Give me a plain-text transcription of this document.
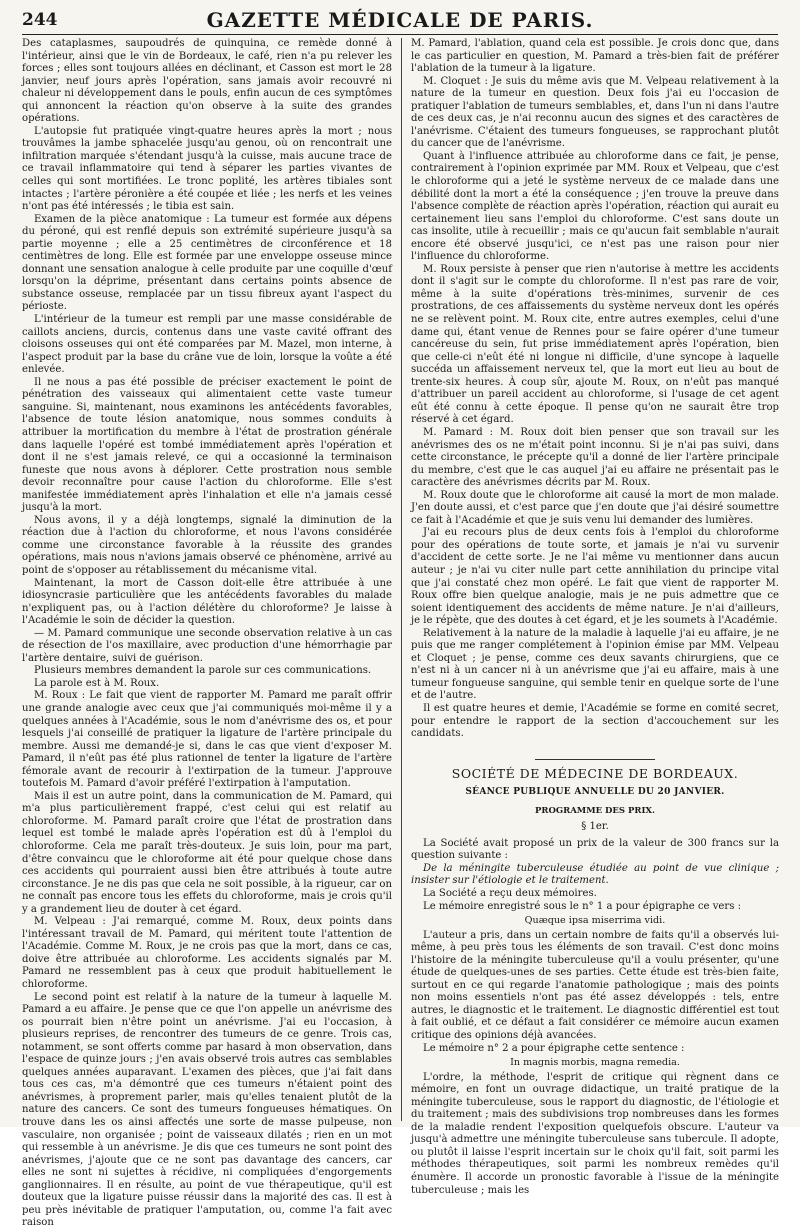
244	GAZETTE MÉDICALE DE PARIS.

Des cataplasmes, saupoudrés de quinquina, ce remède donné à l'intérieur, ainsi que le vin de Bordeaux, le café, rien n'a pu relever les forces ; elles sont toujours allées en déclinant, et Casson est mort le 28 janvier, neuf jours après l'opération, sans jamais avoir recouvré ni chaleur ni développement dans le pouls, enfin aucun de ces symptômes qui annoncent la réaction qu'on observe à la suite des grandes opérations.

L'autopsie fut pratiquée vingt-quatre heures après la mort ; nous trouvâmes la jambe sphacelée jusqu'au genou, où on rencontrait une infiltration marquée s'étendant jusqu'à la cuisse, mais aucune trace de ce travail inflammatoire qui tend à séparer les parties vivantes de celles qui sont mortifiées. Le tronc poplité, les artères tibiales sont intactes ; l'artère péronière a été coupée et liée ; les nerfs et les veines n'ont pas été intéressés ; le tibia est sain.

Examen de la pièce anatomique : La tumeur est formée aux dépens du péroné, qui est renflé depuis son extrémité supérieure jusqu'à sa partie moyenne ; elle a 25 centimètres de circonférence et 18 centimètres de long. Elle est formée par une enveloppe osseuse mince donnant une sensation analogue à celle produite par une coquille d'œuf lorsqu'on la déprime, présentant dans certains points absence de substance osseuse, remplacée par un tissu fibreux ayant l'aspect du périoste.

L'intérieur de la tumeur est rempli par une masse considérable de caillots anciens, durcis, contenus dans une vaste cavité offrant des cloisons osseuses qui ont été comparées par M. Mazel, mon interne, à l'aspect produit par la base du crâne vue de loin, lorsque la voûte a été enlevée.

Il ne nous a pas été possible de préciser exactement le point de pénétration des vaisseaux qui alimentaient cette vaste tumeur sanguine. Si, maintenant, nous examinons les antécédents favorables, l'absence de toute lésion anatomique, nous sommes conduits à attribuer la mortification du membre à l'état de prostration générale dans laquelle l'opéré est tombé immédiatement après l'opération et dont il ne s'est jamais relevé, ce qui a occasionné la terminaison funeste que nous avons à déplorer. Cette prostration nous semble devoir reconnaître pour cause l'action du chloroforme. Elle s'est manifestée immédiatement après l'inhalation et elle n'a jamais cessé jusqu'à la mort.

Nous avons, il y a déjà longtemps, signalé la diminution de la réaction due à l'action du chloroforme, et nous l'avons considérée comme une circonstance favorable à la réussite des grandes opérations, mais nous n'avions jamais observé ce phénomène, arrivé au point de s'opposer au rétablissement du mécanisme vital.

Maintenant, la mort de Casson doit-elle être attribuée à une idiosyncrasie particulière que les antécédents favorables du malade n'expliquent pas, ou à l'action délétère du chloroforme? Je laisse à l'Académie le soin de décider la question.

— M. Pamard communique une seconde observation relative à un cas de résection de l'os maxillaire, avec production d'une hémorrhagie par l'artère dentaire, suivi de guérison.

Plusieurs membres demandent la parole sur ces communications.

La parole est à M. Roux.

M. Roux : Le fait que vient de rapporter M. Pamard me paraît offrir une grande analogie avec ceux que j'ai communiqués moi-même il y a quelques années à l'Académie, sous le nom d'anévrisme des os, et pour lesquels j'ai conseillé de pratiquer la ligature de l'artère principale du membre. Aussi me demandé-je si, dans le cas que vient d'exposer M. Pamard, il n'eût pas été plus rationnel de tenter la ligature de l'artère fémorale avant de recourir à l'extirpation de la tumeur. J'approuve toutefois M. Pamard d'avoir préféré l'extirpation à l'amputation.

Mais il est un autre point, dans la communication de M. Pamard, qui m'a plus particulièrement frappé, c'est celui qui est relatif au chloroforme. M. Pamard paraît croire que l'état de prostration dans lequel est tombé le malade après l'opération est dû à l'emploi du chloroforme. Cela me paraît très-douteux. Je suis loin, pour ma part, d'être convaincu que le chloroforme ait été pour quelque chose dans ces accidents qui pourraient aussi bien être attribués à toute autre circonstance. Je ne dis pas que cela ne soit possible, à la rigueur, car on ne connaît pas encore tous les effets du chloroforme, mais je crois qu'il y a grandement lieu de douter à cet égard.

M. Velpeau : J'ai remarqué, comme M. Roux, deux points dans l'intéressant travail de M. Pamard, qui méritent toute l'attention de l'Académie. Comme M. Roux, je ne crois pas que la mort, dans ce cas, doive être attribuée au chloroforme. Les accidents signalés par M. Pamard ne ressemblent pas à ceux que produit habituellement le chloroforme.

Le second point est relatif à la nature de la tumeur à laquelle M. Pamard a eu affaire. Je pense que ce que l'on appelle un anévrisme des os pourrait bien n'être point un anévrisme. J'ai eu l'occasion, à plusieurs reprises, de rencontrer des tumeurs de ce genre. Trois cas, notamment, se sont offerts comme par hasard à mon observation, dans l'espace de quinze jours ; j'en avais observé trois autres cas semblables quelques années auparavant. L'examen des pièces, que j'ai fait dans tous ces cas, m'a démontré que ces tumeurs n'étaient point des anévrismes, à proprement parler, mais qu'elles tenaient plutôt de la nature des cancers. Ce sont des tumeurs fongueuses hématiques. On trouve dans les os ainsi affectés une sorte de masse pulpeuse, non vasculaire, non organisée ; point de vaisseaux dilatés ; rien en un mot qui ressemble à un anévrisme. Je dis que ces tumeurs ne sont point des anévrismes, j'ajoute que ce ne sont pas davantage des cancers, car elles ne sont ni sujettes à récidive, ni compliquées d'engorgements ganglionnaires. Il en résulte, au point de vue thérapeutique, qu'il est douteux que la ligature puisse réussir dans la majorité des cas. Il est à peu près inévitable de pratiquer l'amputation, ou, comme l'a fait avec raison

M. Pamard, l'ablation, quand cela est possible. Je crois donc que, dans le cas particulier en question, M. Pamard a très-bien fait de préférer l'ablation de la tumeur à la ligature.

M. Cloquet : Je suis du même avis que M. Velpeau relativement à la nature de la tumeur en question. Deux fois j'ai eu l'occasion de pratiquer l'ablation de tumeurs semblables, et, dans l'un ni dans l'autre de ces deux cas, je n'ai reconnu aucun des signes et des caractères de l'anévrisme. C'étaient des tumeurs fongueuses, se rapprochant plutôt du cancer que de l'anévrisme.

Quant à l'influence attribuée au chloroforme dans ce fait, je pense, contrairement à l'opinion exprimée par MM. Roux et Velpeau, que c'est le chloroforme qui a jeté le système nerveux de ce malade dans une débilité dont la mort a été la conséquence ; j'en trouve la preuve dans l'absence complète de réaction après l'opération, réaction qui aurait eu certainement lieu sans l'emploi du chloroforme. C'est sans doute un cas insolite, utile à recueillir ; mais ce qu'aucun fait semblable n'aurait encore été observé jusqu'ici, ce n'est pas une raison pour nier l'influence du chloroforme.

M. Roux persiste à penser que rien n'autorise à mettre les accidents dont il s'agit sur le compte du chloroforme. Il n'est pas rare de voir, même à la suite d'opérations très-minimes, survenir de ces prostrations, de ces affaissements du système nerveux dont les opérés ne se relèvent point. M. Roux cite, entre autres exemples, celui d'une dame qui, étant venue de Rennes pour se faire opérer d'une tumeur cancéreuse du sein, fut prise immédiatement après l'opération, bien que celle-ci n'eût été ni longue ni difficile, d'une syncope à laquelle succéda un affaissement nerveux tel, que la mort eut lieu au bout de trente-six heures. À coup sûr, ajoute M. Roux, on n'eût pas manqué d'attribuer un pareil accident au chloroforme, si l'usage de cet agent eût été connu à cette époque. Il pense qu'on ne saurait être trop réservé à cet égard.

M. Pamard : M. Roux doit bien penser que son travail sur les anévrismes des os ne m'était point inconnu. Si je n'ai pas suivi, dans cette circonstance, le précepte qu'il a donné de lier l'artère principale du membre, c'est que le cas auquel j'ai eu affaire ne présentait pas le caractère des anévrismes décrits par M. Roux.

M. Roux doute que le chloroforme ait causé la mort de mon malade. J'en doute aussi, et c'est parce que j'en doute que j'ai désiré soumettre ce fait à l'Académie et que je suis venu lui demander des lumières.

J'ai eu recours plus de deux cents fois à l'emploi du chloroforme pour des opérations de toute sorte, et jamais je n'ai vu survenir d'accident de cette sorte. Je ne l'ai même vu mentionner dans aucun auteur ; je n'ai vu citer nulle part cette annihilation du principe vital que j'ai constaté chez mon opéré. Le fait que vient de rapporter M. Roux offre bien quelque analogie, mais je ne puis admettre que ce soient identiquement des accidents de même nature. Je n'ai d'ailleurs, je le répète, que des doutes à cet égard, et je les soumets à l'Académie.

Relativement à la nature de la maladie à laquelle j'ai eu affaire, je ne puis que me ranger complétement à l'opinion émise par MM. Velpeau et Cloquet ; je pense, comme ces deux savants chirurgiens, que ce n'est ni à un cancer ni à un anévrisme que j'ai eu affaire, mais à une tumeur fongueuse sanguine, qui semble tenir en quelque sorte de l'une et de l'autre.

Il est quatre heures et demie, l'Académie se forme en comité secret, pour entendre le rapport de la section d'accouchement sur les candidats.

SOCIÉTÉ DE MÉDECINE DE BORDEAUX.
SÉANCE PUBLIQUE ANNUELLE DU 20 JANVIER.
PROGRAMME DES PRIX.
§ 1er.

La Société avait proposé un prix de la valeur de 300 francs sur la question suivante :

De la méningite tuberculeuse étudiée au point de vue clinique ; insister sur l'étiologie et le traitement.

La Société a reçu deux mémoires.

Le mémoire enregistré sous le n° 1 a pour épigraphe ce vers :

Quæque ipsa miserrima vidi.

L'auteur a pris, dans un certain nombre de faits qu'il a observés lui-même, à peu près tous les éléments de son travail. C'est donc moins l'histoire de la méningite tuberculeuse qu'il a voulu présenter, qu'une étude de quelques-unes de ses parties. Cette étude est très-bien faite, surtout en ce qui regarde l'anatomie pathologique ; mais des points non moins essentiels n'ont pas été assez développés : tels, entre autres, le diagnostic et le traitement. Le diagnostic différentiel est tout à fait oublié, et ce défaut a fait considérer ce mémoire aucun examen critique des opinions déjà avancées.

Le mémoire n° 2 a pour épigraphe cette sentence :

In magnis morbis, magna remedia.

L'ordre, la méthode, l'esprit de critique qui règnent dans ce mémoire, en font un ouvrage didactique, un traité pratique de la méningite tuberculeuse, sous le rapport du diagnostic, de l'étiologie et du traitement ; mais des subdivisions trop nombreuses dans les formes de la maladie rendent l'exposition quelquefois obscure. L'auteur va jusqu'à admettre une méningite tuberculeuse sans tubercule. Il adopte, ou plutôt il laisse l'esprit incertain sur le choix qu'il fait, soit parmi les méthodes thérapeutiques, soit parmi les nombreux remèdes qu'il énumère. Il accorde un pronostic favorable à l'issue de la méningite tuberculeuse ; mais les
